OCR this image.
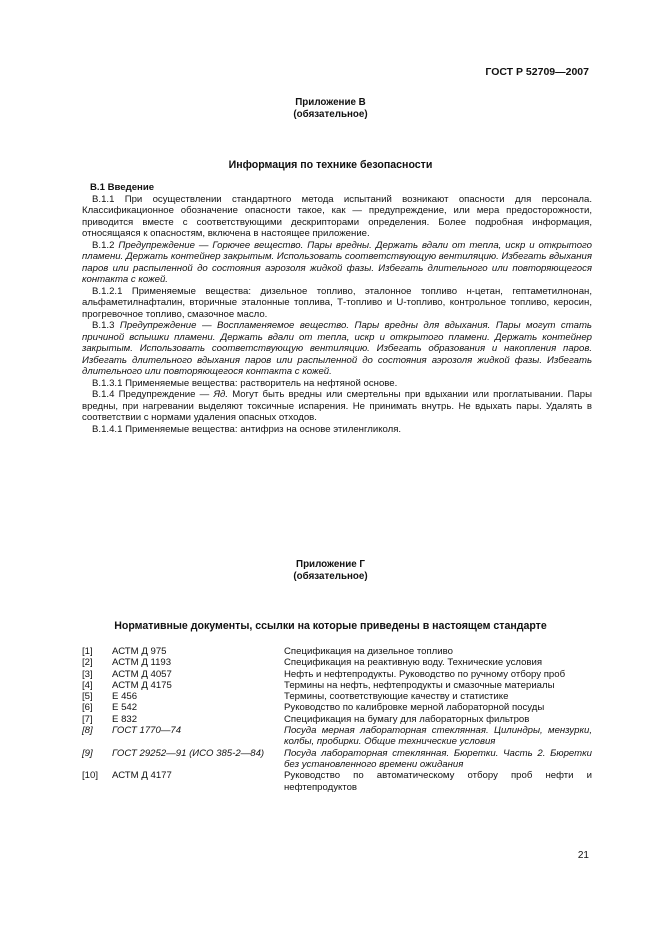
ГОСТ Р 52709—2007
Приложение В
(обязательное)
Информация по технике безопасности

В.1 Введение

В.1.1 При осуществлении стандартного метода испытаний возникают опасности для персонала. Классификационное обозначение опасности такое, как — предупреждение, или мера предосторожности, приводится вместе с соответствующими дескрипторами определения. Более подробная информация, относящаяся к опасностям, включена в настоящее приложение.

В.1.2 Предупреждение — Горючее вещество. Пары вредны. Держать вдали от тепла, искр и открытого пламени. Держать контейнер закрытым. Использовать соответствующую вентиляцию. Избегать вдыхания паров или распыленной до состояния аэрозоля жидкой фазы. Избегать длительного или повторяющегося контакта с кожей.

В.1.2.1 Применяемые вещества: дизельное топливо, эталонное топливо н-цетан, гептаметилнонан, альфаметилнафталин, вторичные эталонные топлива, Т-топливо и U-топливо, контрольное топливо, керосин, прогревочное топливо, смазочное масло.

В.1.3 Предупреждение — Воспламеняемое вещество. Пары вредны для вдыхания. Пары могут стать причиной вспышки пламени. Держать вдали от тепла, искр и открытого пламени. Держать контейнер закрытым. Использовать соответствующую вентиляцию. Избегать образования и накопления паров. Избегать длительного вдыхания паров или распыленной до состояния аэрозоля жидкой фазы. Избегать длительного или повторяющегося контакта с кожей.

В.1.3.1 Применяемые вещества: растворитель на нефтяной основе.

В.1.4 Предупреждение — Яд. Могут быть вредны или смертельны при вдыхании или проглатывании. Пары вредны, при нагревании выделяют токсичные испарения. Не принимать внутрь. Не вдыхать пары. Удалять в соответствии с нормами удаления опасных отходов.

В.1.4.1 Применяемые вещества: антифриз на основе этиленгликоля.

Приложение Г
(обязательное)
Нормативные документы, ссылки на которые приведены в настоящем стандарте
[1]	АСТМ Д 975	Спецификация на дизельное топливо
[2]	АСТМ Д 1193	Спецификация на реактивную воду. Технические условия
[3]	АСТМ Д 4057	Нефть и нефтепродукты. Руководство по ручному отбору проб
[4]	АСТМ Д 4175	Термины на нефть, нефтепродукты и смазочные материалы
[5]	Е 456	Термины, соответствующие качеству и статистике
[6]	Е 542	Руководство по калибровке мерной лабораторной посуды
[7]	Е 832	Спецификация на бумагу для лабораторных фильтров
[8]	ГОСТ 1770—74	Посуда мерная лабораторная стеклянная. Цилиндры, мензурки, колбы, пробирки. Общие технические условия
[9]	ГОСТ 29252—91 (ИСО 385-2—84)	Посуда лабораторная стеклянная. Бюретки. Часть 2. Бюретки без установленного времени ожидания
[10]	АСТМ Д 4177	Руководство по автоматическому отбору проб нефти и нефтепродуктов
21
